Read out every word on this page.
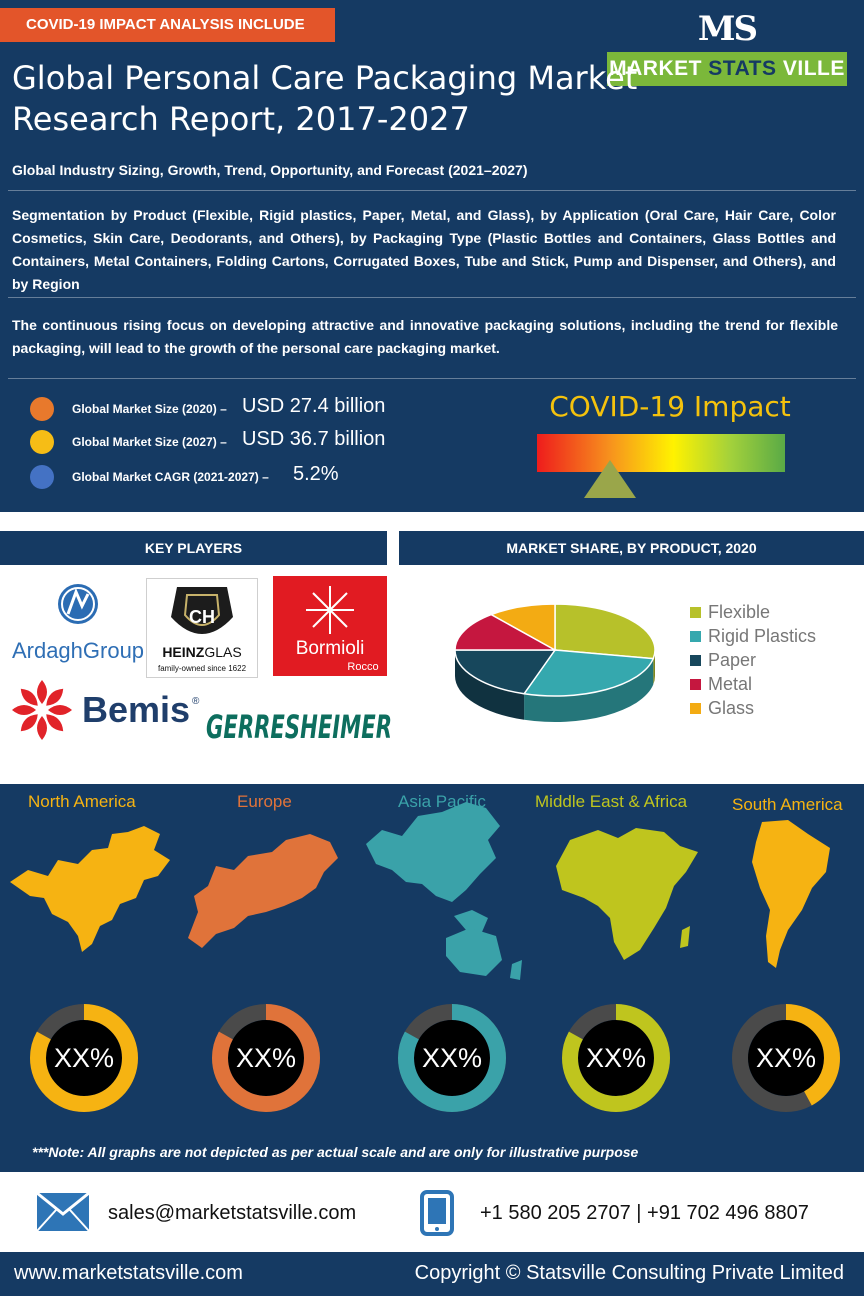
COVID-19 IMPACT ANALYSIS INCLUDE	MS
MARKET STATS VILLE
Global Personal Care Packaging Market
Research Report, 2017-2027
Global Industry Sizing, Growth, Trend, Opportunity, and Forecast (2021–2027)
Segmentation by Product (Flexible, Rigid plastics, Paper, Metal, and Glass), by Application (Oral Care, Hair Care, Color Cosmetics, Skin Care, Deodorants, and Others), by Packaging Type (Plastic Bottles and Containers, Glass Bottles and Containers, Metal Containers, Folding Cartons, Corrugated Boxes, Tube and Stick, Pump and Dispenser, and Others), and by Region
The continuous rising focus on developing attractive and innovative packaging solutions, including the trend for flexible packaging, will lead to the growth of the personal care packaging market.
Global Market Size (2020) – USD 27.4 billion
Global Market Size (2027) – USD 36.7 billion
Global Market CAGR (2021-2027) – 5.2%
COVID-19 Impact
KEY PLAYERS	MARKET SHARE, BY PRODUCT, 2020
ArdaghGroup
CH
HEINZGLAS
family-owned since 1622
Bormioli
Rocco
Bemis ®
GERRESHEIMER
Flexible
Rigid Plastics
Paper
Metal
Glass
North America	Europe	Asia Pacific	Middle East & Africa	South America
XX%	XX%	XX%	XX%	XX%
***Note: All graphs are not depicted as per actual scale and are only for illustrative purpose
sales@marketstatsville.com	+1 580 205 2707 | +91 702 496 8807
www.marketstatsville.com	Copyright © Statsville Consulting Private Limited
